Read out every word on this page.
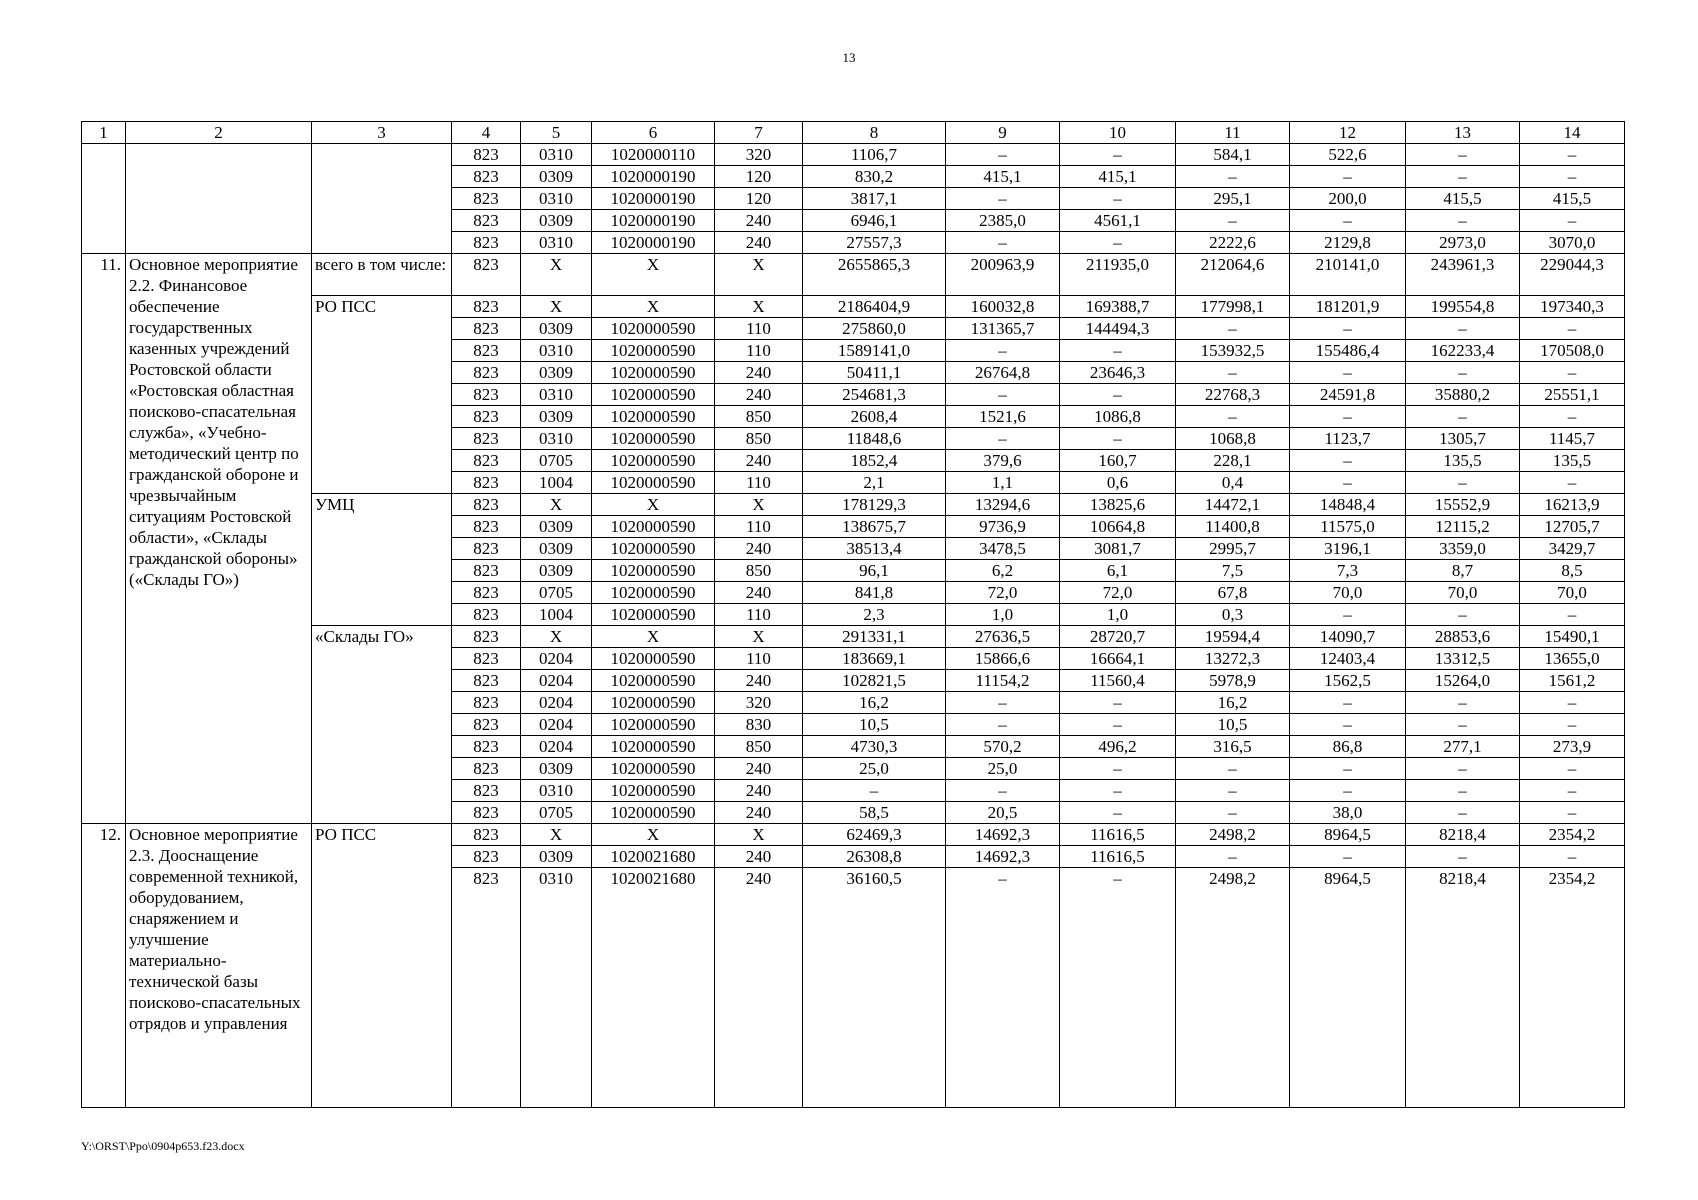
13
1	2	3	4	5	6	7	8	9	10	11	12	13	14
			823	0310	1020000110	320	1106,7	–	–	584,1	522,6	–	–
			823	0309	1020000190	120	830,2	415,1	415,1	–	–	–	–
			823	0310	1020000190	120	3817,1	–	–	295,1	200,0	415,5	415,5
			823	0309	1020000190	240	6946,1	2385,0	4561,1	–	–	–	–
			823	0310	1020000190	240	27557,3	–	–	2222,6	2129,8	2973,0	3070,0
11.	Основное мероприятие 2.2. Финансовое обеспечение государственных казенных учреждений Ростовской области «Ростовская областная поисково-спасательная служба», «Учебно-методический центр по гражданской обороне и чрезвычайным ситуациям Ростовской области», «Склады гражданской обороны» («Склады ГО»)	всего в том числе:	823	X	X	X	2655865,3	200963,9	211935,0	212064,6	210141,0	243961,3	229044,3
		РО ПСС	823	X	X	X	2186404,9	160032,8	169388,7	177998,1	181201,9	199554,8	197340,3
			823	0309	1020000590	110	275860,0	131365,7	144494,3	–	–	–	–
			823	0310	1020000590	110	1589141,0	–	–	153932,5	155486,4	162233,4	170508,0
			823	0309	1020000590	240	50411,1	26764,8	23646,3	–	–	–	–
			823	0310	1020000590	240	254681,3	–	–	22768,3	24591,8	35880,2	25551,1
			823	0309	1020000590	850	2608,4	1521,6	1086,8	–	–	–	–
			823	0310	1020000590	850	11848,6	–	–	1068,8	1123,7	1305,7	1145,7
			823	0705	1020000590	240	1852,4	379,6	160,7	228,1	–	135,5	135,5
			823	1004	1020000590	110	2,1	1,1	0,6	0,4	–	–	–
		УМЦ	823	X	X	X	178129,3	13294,6	13825,6	14472,1	14848,4	15552,9	16213,9
			823	0309	1020000590	110	138675,7	9736,9	10664,8	11400,8	11575,0	12115,2	12705,7
			823	0309	1020000590	240	38513,4	3478,5	3081,7	2995,7	3196,1	3359,0	3429,7
			823	0309	1020000590	850	96,1	6,2	6,1	7,5	7,3	8,7	8,5
			823	0705	1020000590	240	841,8	72,0	72,0	67,8	70,0	70,0	70,0
			823	1004	1020000590	110	2,3	1,0	1,0	0,3	–	–	–
		«Склады ГО»	823	X	X	X	291331,1	27636,5	28720,7	19594,4	14090,7	28853,6	15490,1
			823	0204	1020000590	110	183669,1	15866,6	16664,1	13272,3	12403,4	13312,5	13655,0
			823	0204	1020000590	240	102821,5	11154,2	11560,4	5978,9	1562,5	15264,0	1561,2
			823	0204	1020000590	320	16,2	–	–	16,2	–	–	–
			823	0204	1020000590	830	10,5	–	–	10,5	–	–	–
			823	0204	1020000590	850	4730,3	570,2	496,2	316,5	86,8	277,1	273,9
			823	0309	1020000590	240	25,0	25,0	–	–	–	–	–
			823	0310	1020000590	240	–	–	–	–	–	–	–
			823	0705	1020000590	240	58,5	20,5	–	–	38,0	–	–
12.	Основное мероприятие 2.3. Дооснащение современной техникой, оборудованием, снаряжением и улучшение материально-технической базы поисково-спасательных отрядов и управления	РО ПСС	823	X	X	X	62469,3	14692,3	11616,5	2498,2	8964,5	8218,4	2354,2
			823	0309	1020021680	240	26308,8	14692,3	11616,5	–	–	–	–
			823	0310	1020021680	240	36160,5	–	–	2498,2	8964,5	8218,4	2354,2
Y:\ORST\Ppo\0904p653.f23.docx
